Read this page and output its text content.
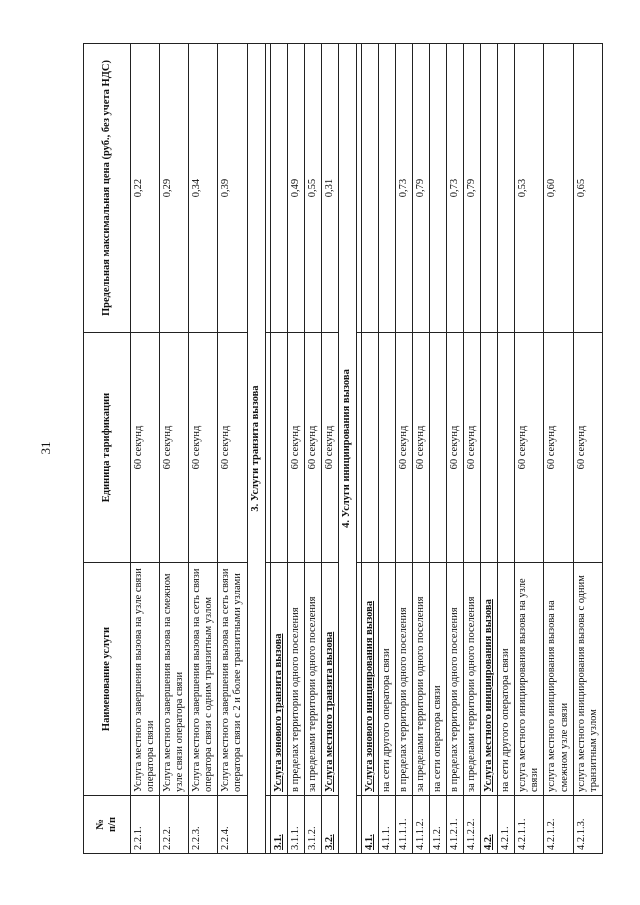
31
№
п/п	Наименование услуги	Единица тарификации	Предельная максимальная цена (руб., без учета НДС)
2.2.1.	Услуга местного завершения вызова на узле связи оператора связи	60 секунд	0,22
2.2.2.	Услуга местного завершения вызова на смежном узле связи оператора связи	60 секунд	0,29
2.2.3.	Услуга местного завершения вызова на сеть связи оператора связи с одним транзитным узлом	60 секунд	0,34
2.2.4.	Услуга местного завершения вызова на сеть связи оператора связи с 2 и более транзитными узлами	60 секунд	0,39
3. Услуги транзита вызова			

3.1.	Услуга зонового транзита вызова		
3.1.1.	в пределах территории одного поселения	60 секунд	0,49
3.1.2.	за пределами территории одного поселения	60 секунд	0,55
3.2.	Услуга местного транзита вызова	60 секунд	0,31
4. Услуги инициирования вызова			

4.1.	Услуга зонового инициирования вызова		
4.1.1.	на сети другого оператора связи		
4.1.1.1.	в пределах территории одного поселения	60 секунд	0,73
4.1.1.2.	за пределами территории одного поселения	60 секунд	0,79
4.1.2.	на сети оператора связи		
4.1.2.1.	в пределах территории одного поселения	60 секунд	0,73
4.1.2.2.	за пределами территории одного поселения	60 секунд	0,79
4.2.	Услуга местного инициирования вызова		
4.2.1.	на сети другого оператора связи		
4.2.1.1.	услуга местного инициирования вызова на узле связи	60 секунд	0,53
4.2.1.2.	услуга местного инициирования вызова на смежном узле связи	60 секунд	0,60
4.2.1.3.	услуга местного инициирования вызова с одним транзитным узлом	60 секунд	0,65
